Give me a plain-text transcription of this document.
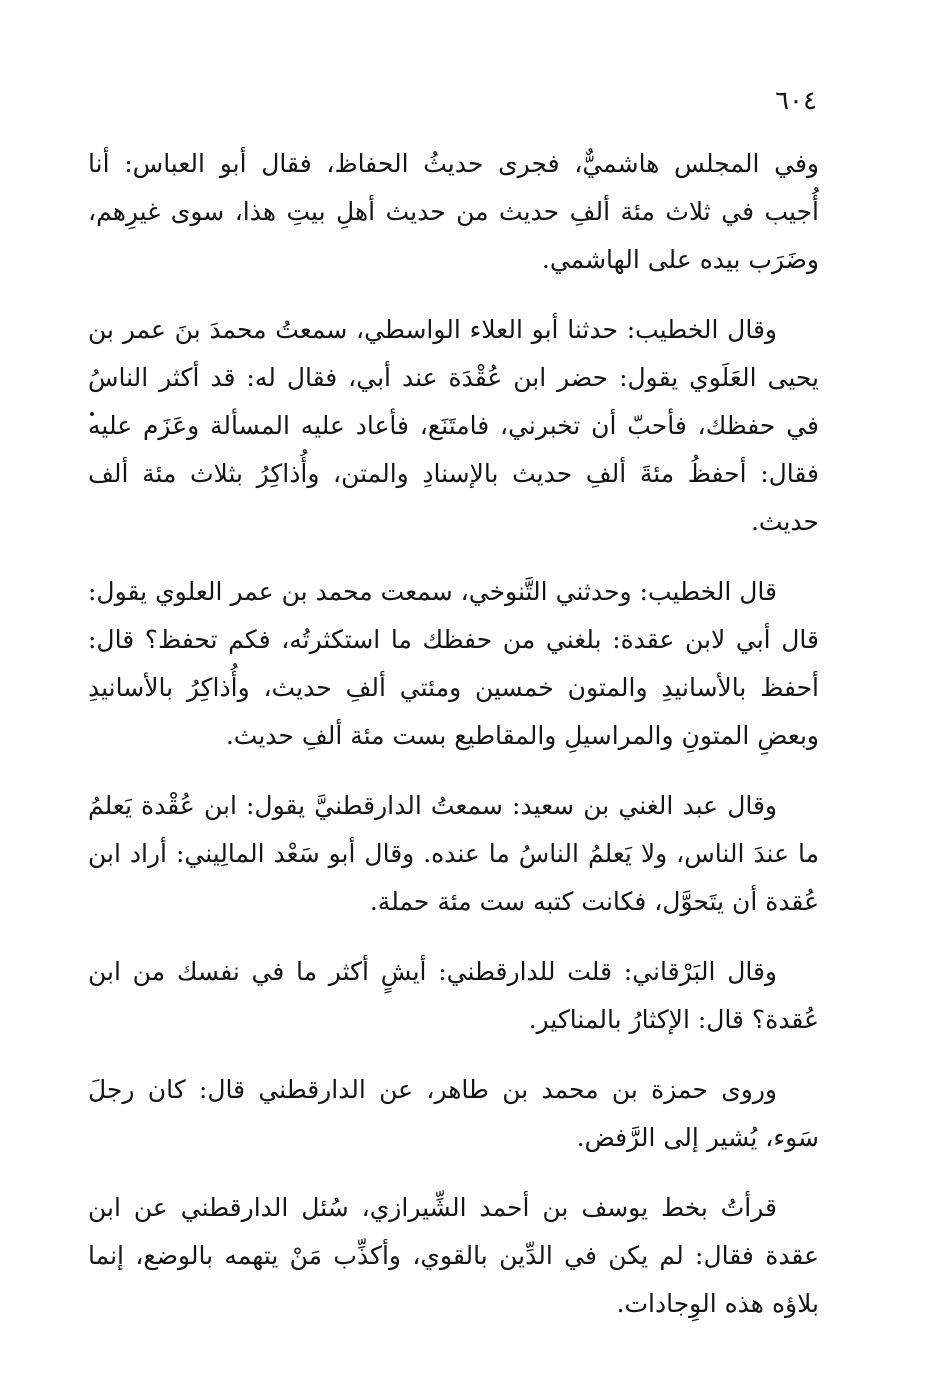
٦٠٤

وفي المجلس هاشميٌّ، فجرى حديثُ الحفاظ، فقال أبو العباس: أنا أُجيب في ثلاث مئة ألفِ حديث من حديث أهلِ بيتِ هذا، سوى غيرِهم، وضَرَب بيده على الهاشمي.

وقال الخطيب: حدثنا أبو العلاء الواسطي، سمعتُ محمدَ بنَ عمر بن يحيى العَلَوي يقول: حضر ابن عُقْدَة عند أبي، فقال له: قد أكثر الناسُ في حفظك، فأحبّ أن تخبرني، فامتَنَع، فأعاد عليه المسألة وعَزَم عليه فقال: أحفظُ مئةَ ألفِ حديث بالإسنادِ والمتن، وأُذاكِرُ بثلاث مئة ألف حديث.

قال الخطيب: وحدثني التَّنوخي، سمعت محمد بن عمر العلوي يقول: قال أبي لابن عقدة: بلغني من حفظك ما استكثرتُه، فكم تحفظ؟ قال: أحفظ بالأسانيدِ والمتون خمسين ومئتي ألفِ حديث، وأُذاكِرُ بالأسانيدِ وبعضِ المتونِ والمراسيلِ والمقاطيع بست مئة ألفِ حديث.

وقال عبد الغني بن سعيد: سمعتُ الدارقطنيَّ يقول: ابن عُقْدة يَعلمُ ما عندَ الناس، ولا يَعلمُ الناسُ ما عنده. وقال أبو سَعْد المالِيني: أراد ابن عُقدة أن يتَحوَّل، فكانت كتبه ست مئة حملة.

وقال البَرْقاني: قلت للدارقطني: أيشٍ أكثر ما في نفسك من ابن عُقدة؟ قال: الإكثارُ بالمناكير.

وروى حمزة بن محمد بن طاهر، عن الدارقطني قال: كان رجلَ سَوء، يُشير إلى الرَّفض.

قرأتُ بخط يوسف بن أحمد الشِّيرازي، سُئل الدارقطني عن ابن عقدة فقال: لم يكن في الدِّين بالقوي، وأكذِّب مَنْ يتهمه بالوضع، إنما بلاؤه هذه الوِجادات.
